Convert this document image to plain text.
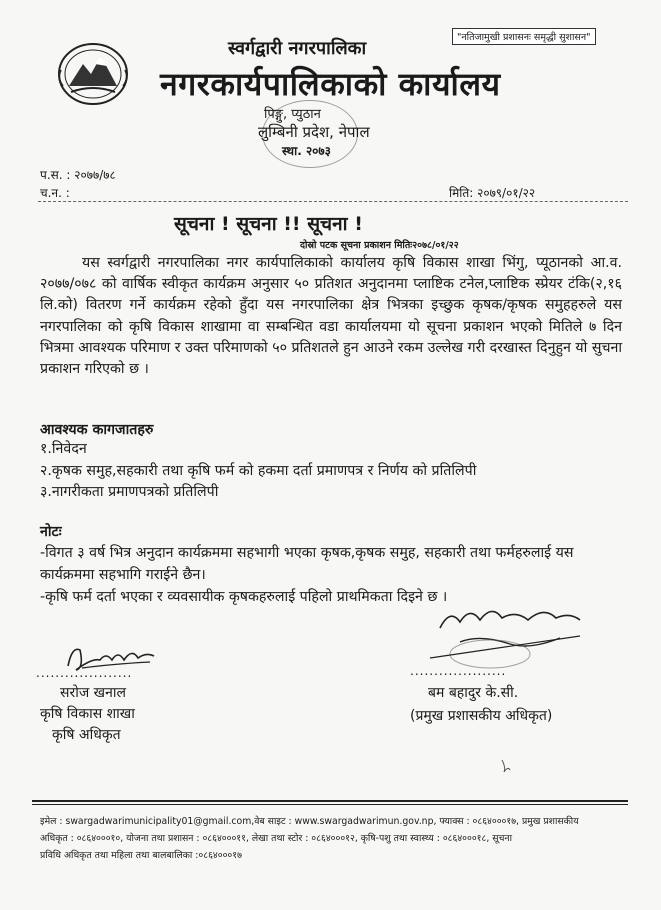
"नतिजामुखी प्रशासनः समृद्धी सुशासन"
स्वर्गद्वारी नगरपालिका
नगरकार्यपालिकाको कार्यालय
पिङ्गु, प्युठान
लुम्बिनी प्रदेश, नेपाल
स्था. २०७३
प.स. : २०७७/७८
च.न. :	मिति: २०७९/०१/२२
सूचना ! सूचना !! सूचना !
दोस्रो पटक सूचना प्रकाशन मितिः२०७८/०१/२२

यस स्वर्गद्वारी नगरपालिका नगर कार्यपालिकाको कार्यालय कृषि विकास शाखा भिंगु, प्यूठानको आ.व. २०७७/०७८ को वार्षिक स्वीकृत कार्यक्रम अनुसार ५० प्रतिशत अनुदानमा प्लाष्टिक टनेल,प्लाष्टिक स्प्रेयर टंकि(२,१६ लि.को) वितरण गर्ने कार्यक्रम रहेको हुँदा यस नगरपालिका क्षेत्र भित्रका इच्छुक कृषक/कृषक समुहहरुले यस नगरपालिका को कृषि विकास शाखामा वा सम्बन्धित वडा कार्यालयमा यो सूचना प्रकाशन भएको मितिले ७ दिन भित्रमा आवश्यक परिमाण र उक्त परिमाणको ५० प्रतिशतले हुन आउने रकम उल्लेख गरी दरखास्त दिनुहुन यो सुचना प्रकाशन गरिएको छ ।

आवश्यक कागजातहरु
१.निवेदन
२.कृषक समुह,सहकारी तथा कृषि फर्म को हकमा दर्ता प्रमाणपत्र र निर्णय को प्रतिलिपी
३.नागरीकता प्रमाणपत्रको प्रतिलिपी
नोटः

-विगत ३ वर्ष भित्र अनुदान कार्यक्रममा सहभागी भएका कृषक,कृषक समुह, सहकारी तथा फर्महरुलाई यस कार्यक्रममा सहभागि गराईने छैन।

-कृषि फर्म दर्ता भएका र व्यवसायीक कृषकहरुलाई पहिलो प्राथमिकता दिइने छ ।

....................	....................
सरोज खनाल
कृषि विकास शाखा
कृषि अधिकृत
बम बहादुर के.सी.
(प्रमुख प्रशासकीय अधिकृत)
इमेल : swargadwarimunicipality01@gmail.com,वेब साइट : www.swargadwarimun.gov.np, फ्याक्स : ०८६४०००१७, प्रमुख प्रशासकीय
अधिकृत : ०८६४०००१०, योजना तथा प्रशासन : ०८६४०००११, लेखा तथा स्टोर : ०८६४०००१२, कृषि-पशु तथा स्वास्थ्य : ०८६४०००१८, सूचना
प्रविधि अधिकृत तथा महिला तथा बालबालिका :०८६४०००१७
